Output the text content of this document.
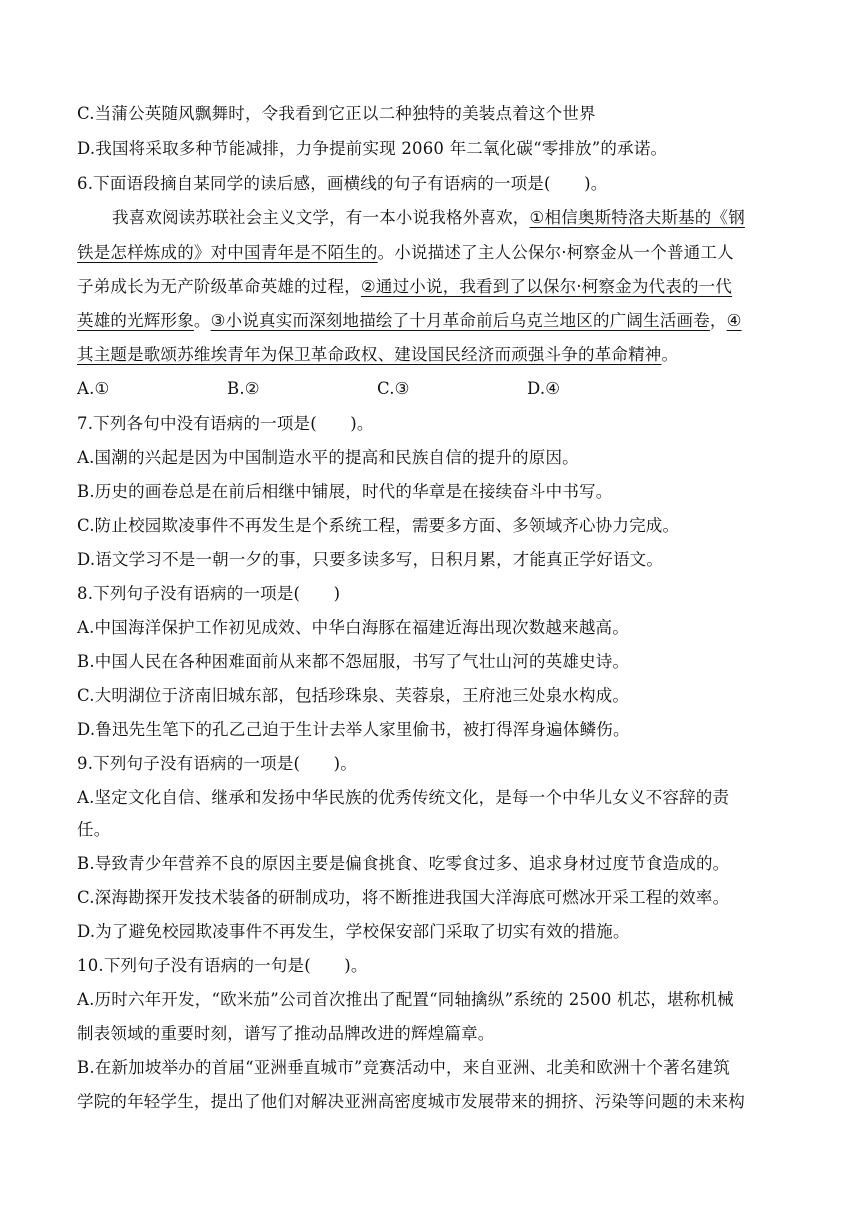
C.当蒲公英随风飘舞时，令我看到它正以二种独特的美装点着这个世界
D.我国将采取多种节能减排，力争提前实现 2060 年二氧化碳“零排放”的承诺。
6.下面语段摘自某同学的读后感，画横线的句子有语病的一项是(　　)。
我喜欢阅读苏联社会主义文学，有一本小说我格外喜欢，①相信奥斯特洛夫斯基的《钢
铁是怎样炼成的》对中国青年是不陌生的。小说描述了主人公保尔·柯察金从一个普通工人
子弟成长为无产阶级革命英雄的过程，②通过小说，我看到了以保尔·柯察金为代表的一代
英雄的光辉形象。③小说真实而深刻地描绘了十月革命前后乌克兰地区的广阔生活画卷，④
其主题是歌颂苏维埃青年为保卫革命政权、建设国民经济而顽强斗争的革命精神。
A.①	B.②	C.③	D.④
7.下列各句中没有语病的一项是(　　)。
A.国潮的兴起是因为中国制造水平的提高和民族自信的提升的原因。
B.历史的画卷总是在前后相继中铺展，时代的华章是在接续奋斗中书写。
C.防止校园欺凌事件不再发生是个系统工程，需要多方面、多领域齐心协力完成。
D.语文学习不是一朝一夕的事，只要多读多写，日积月累，才能真正学好语文。
8.下列句子没有语病的一项是(　　)
A.中国海洋保护工作初见成效、中华白海豚在福建近海出现次数越来越高。
B.中国人民在各种困难面前从来都不怨屈服，书写了气壮山河的英雄史诗。
C.大明湖位于济南旧城东部，包括珍珠泉、芙蓉泉，王府池三处泉水构成。
D.鲁迅先生笔下的孔乙己迫于生计去举人家里偷书，被打得浑身遍体鳞伤。
9.下列句子没有语病的一项是(　　)。
A.坚定文化自信、继承和发扬中华民族的优秀传统文化，是每一个中华儿女义不容辞的责
任。
B.导致青少年营养不良的原因主要是偏食挑食、吃零食过多、追求身材过度节食造成的。
C.深海勘探开发技术装备的研制成功，将不断推进我国大洋海底可燃冰开采工程的效率。
D.为了避免校园欺凌事件不再发生，学校保安部门采取了切实有效的措施。
10.下列句子没有语病的一句是(　　)。
A.历时六年开发，“欧米茄”公司首次推出了配置“同轴擒纵”系统的 2500 机芯，堪称机械
制表领域的重要时刻，谱写了推动品牌改进的辉煌篇章。
B.在新加坡举办的首届“亚洲垂直城市”竞赛活动中，来自亚洲、北美和欧洲十个著名建筑
学院的年轻学生，提出了他们对解决亚洲高密度城市发展带来的拥挤、污染等问题的未来构
